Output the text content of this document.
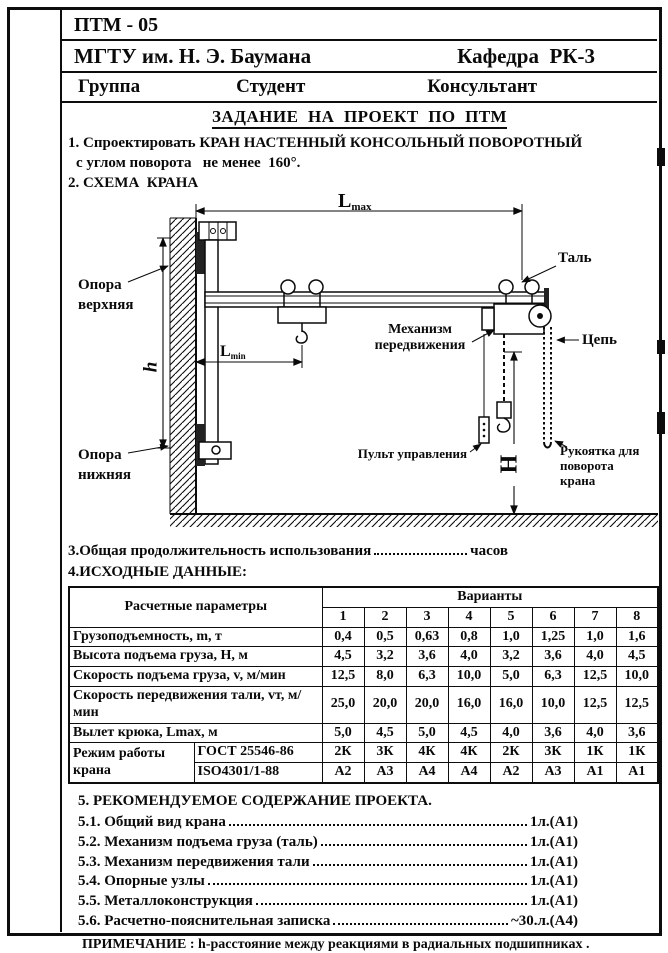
ПТМ - 05
МГТУ им. Н. Э. Баумана	Кафедра  РК-3
Группа	Студент	Консультант
ЗАДАНИЕ  НА  ПРОЕКТ  ПО  ПТМ
1. Спроектировать КРАН НАСТЕННЫЙ КОНСОЛЬНЫЙ ПОВОРОТНЫЙ
с углом поворота   не менее  160°.
2. СХЕМА  КРАНА
Lmax
Lmin
H
h
Таль
Механизм
передвижения	Цепь
Пульт управления
Опора
верхняя
Опора
нижняя
Рукоятка для
поворота
крана
3.Общая продолжительность использования	часов
4.ИСХОДНЫЕ ДАННЫЕ:
Расчетные параметры		Варианты							
		1	2	3	4	5	6	7	8
Грузоподъемность, m, т		0,4	0,5	0,63	0,8	1,0	1,25	1,0	1,6
Высота подъема груза, Н, м		4,5	3,2	3,6	4,0	3,2	3,6	4,0	4,5
Скорость подъема груза, v, м/мин		12,5	8,0	6,3	10,0	5,0	6,3	12,5	10,0
Скорость передвижения тали, vт, м/мин		25,0	20,0	20,0	16,0	16,0	10,0	12,5	12,5
Вылет крюка, Lmax, м		5,0	4,5	5,0	4,5	4,0	3,6	4,0	3,6
Режим работы крана	ГОСТ 25546-86	2К	3К	4К	4К	2К	3К	1К	1К
	ISO4301/1-88	А2	А3	А4	А4	А2	А3	А1	А1
5. РЕКОМЕНДУЕМОЕ СОДЕРЖАНИЕ ПРОЕКТА.
5.1. Общий вид крана	1л.(А1)
5.2. Механизм подъема груза (таль)	1л.(А1)
5.3. Механизм передвижения тали	1л.(А1)
5.4. Опорные узлы	1л.(А1)
5.5. Металлоконструкция	1л.(А1)
5.6. Расчетно-пояснительная записка	~30.л.(А4)
ПРИМЕЧАНИЕ : h-расстояние между реакциями в радиальных подшипниках .
